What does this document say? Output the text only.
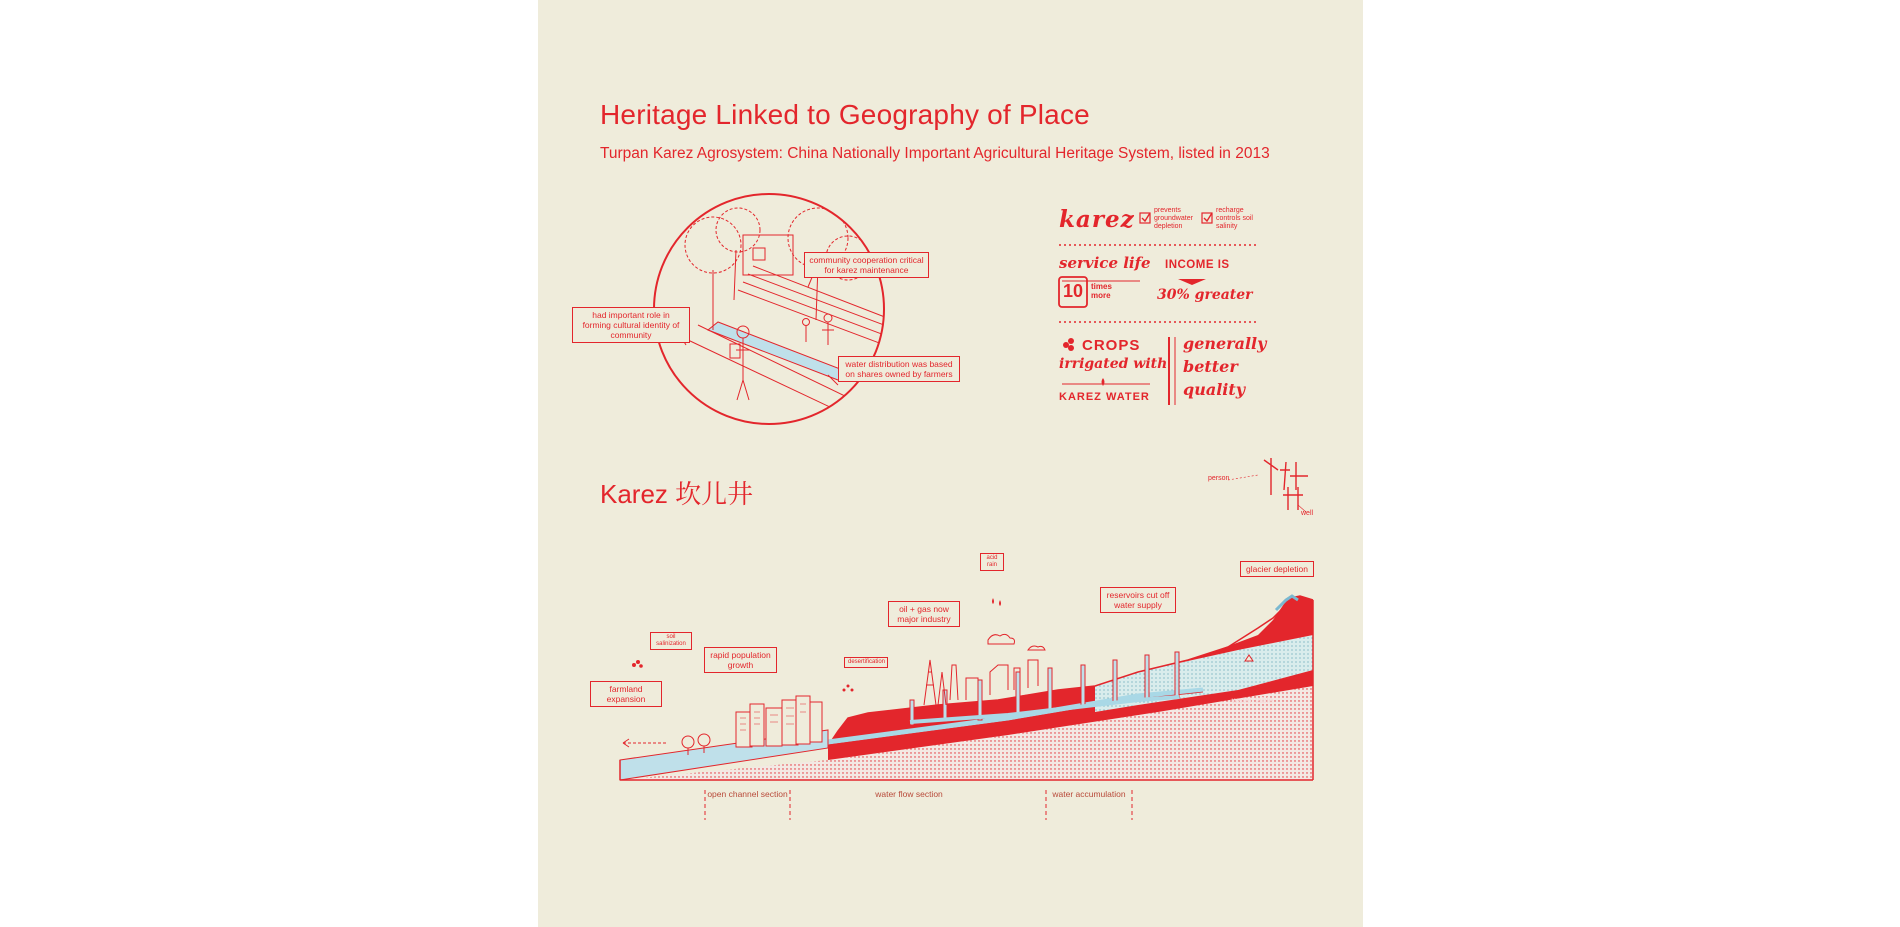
Heritage Linked to Geography of Place
Turpan Karez Agrosystem: China Nationally Important Agricultural Heritage System, listed in 2013
community cooperation critical for karez maintenance
had important role in forming cultural identity of community
water distribution was based on shares owned by farmers
karez	prevents groundwater depletion
recharge controls soil salinity
service life
10 times more
INCOME IS
30% greater
CROPS
irrigated with
KAREZ WATER
generally
better
quality
Karez 坎儿井
person
well
soil salinization
farmland expansion
rapid population growth	desertification
oil + gas now major industry
acid rain
reservoirs cut off water supply
glacier depletion
water table
open channel section	water flow section	water accumulation
